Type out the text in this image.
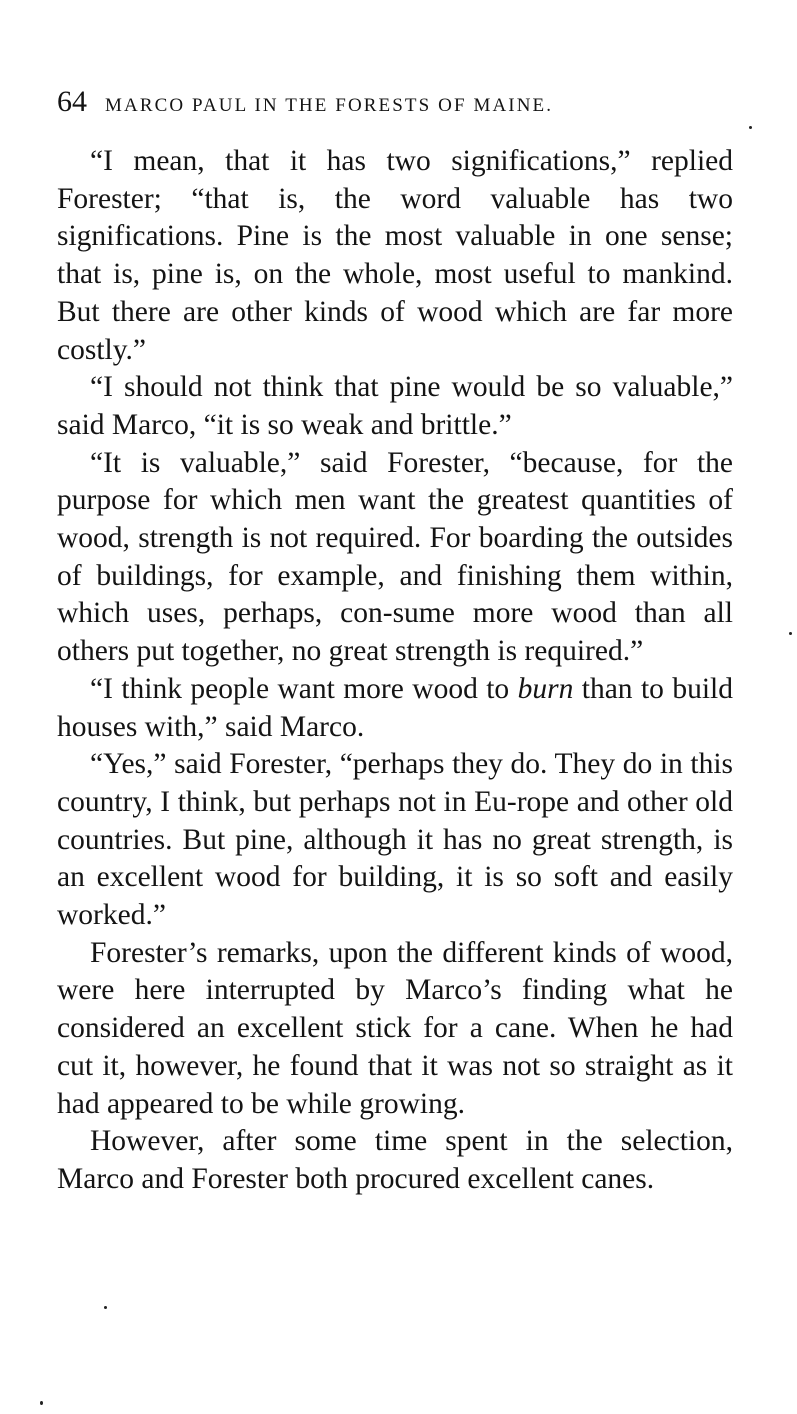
64 MARCO PAUL IN THE FORESTS OF MAINE.

“I mean, that it has two significations,” replied Forester; “that is, the word valuable has two significations. Pine is the most valuable in one sense; that is, pine is, on the whole, most useful to mankind. But there are other kinds of wood which are far more costly.”

“I should not think that pine would be so valuable,” said Marco, “it is so weak and brittle.”

“It is valuable,” said Forester, “because, for the purpose for which men want the greatest quantities of wood, strength is not required. For boarding the outsides of buildings, for example, and finishing them within, which uses, perhaps, con-sume more wood than all others put together, no great strength is required.”

“I think people want more wood to burn than to build houses with,” said Marco.

“Yes,” said Forester, “perhaps they do. They do in this country, I think, but perhaps not in Eu-rope and other old countries. But pine, although it has no great strength, is an excellent wood for building, it is so soft and easily worked.”

Forester’s remarks, upon the different kinds of wood, were here interrupted by Marco’s finding what he considered an excellent stick for a cane. When he had cut it, however, he found that it was not so straight as it had appeared to be while growing.

However, after some time spent in the selection, Marco and Forester both procured excellent canes.
